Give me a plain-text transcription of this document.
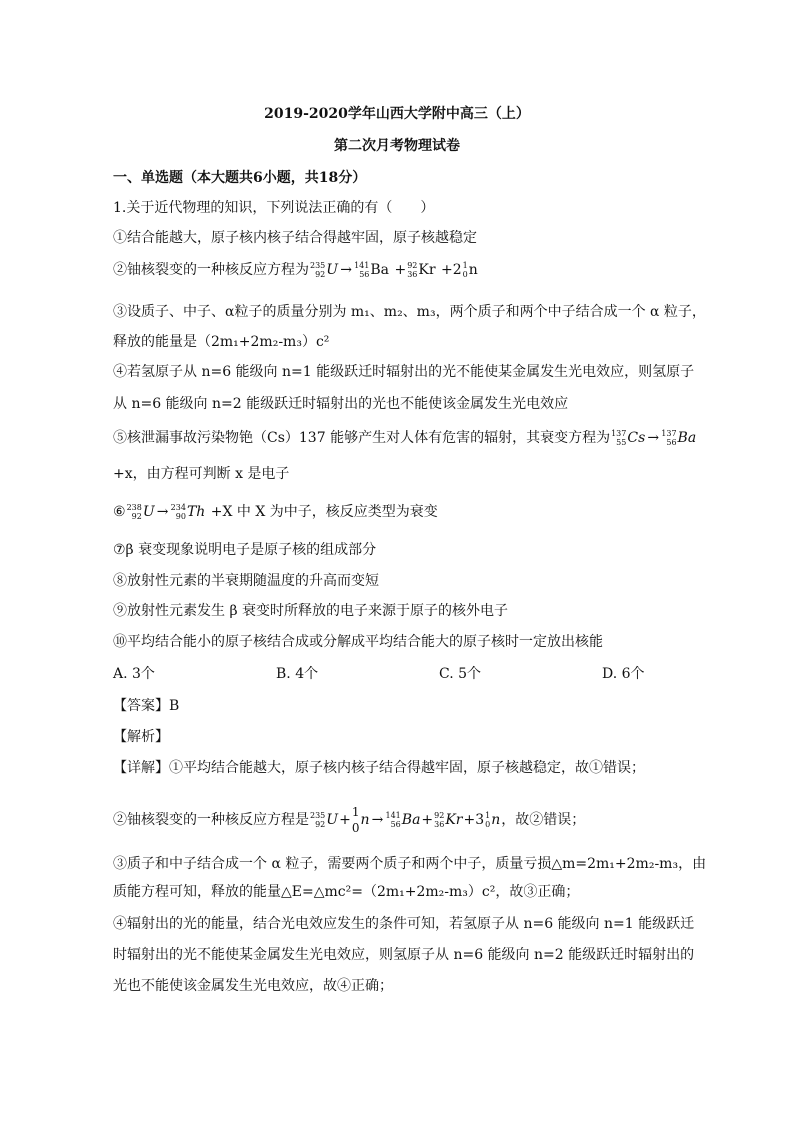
2019-2020学年山西大学附中高三（上）
第二次月考物理试卷
一、单选题（本大题共6小题，共18分）
1.关于近代物理的知识，下列说法正确的有（　　）
①结合能越大，原子核内核子结合得越牢固，原子核越稳定
②铀核裂变的一种核反应方程为 235
92 U → 141
56 Ba + 92
36 Kr +2 1
0 n
③设质子、中子、α粒子的质量分别为 m₁、m₂、m₃，两个质子和两个中子结合成一个 α 粒子，
释放的能量是（2m₁+2m₂-m₃）c²
④若氢原子从 n=6 能级向 n=1 能级跃迁时辐射出的光不能使某金属发生光电效应，则氢原子
从 n=6 能级向 n=2 能级跃迁时辐射出的光也不能使该金属发生光电效应
⑤核泄漏事故污染物铯（Cs）137 能够产生对人体有危害的辐射，其衰变方程为 137
55 Cs → 137
56 Ba
+x，由方程可判断 x 是电子
⑥ 238
92 U → 234
90 Th +X 中 X 为中子，核反应类型为衰变
⑦β 衰变现象说明电子是原子核的组成部分
⑧放射性元素的半衰期随温度的升高而变短
⑨放射性元素发生 β 衰变时所释放的电子来源于原子的核外电子
⑩平均结合能小的原子核结合成或分解成平均结合能大的原子核时一定放出核能
A. 3个	B. 4个	C. 5个	D. 6个
【答案】B
【解析】
【详解】①平均结合能越大，原子核内核子结合得越牢固，原子核越稳定，故①错误；
②铀核裂变的一种核反应方程是 235
92 U+ 1
0 n → 141
56 Ba+ 92
36 Kr+3 1
0 n，故②错误；
③质子和中子结合成一个 α 粒子，需要两个质子和两个中子，质量亏损△m=2m₁+2m₂-m₃，由
质能方程可知，释放的能量△E=△mc²=（2m₁+2m₂-m₃）c²，故③正确；
④辐射出的光的能量，结合光电效应发生的条件可知，若氢原子从 n=6 能级向 n=1 能级跃迁
时辐射出的光不能使某金属发生光电效应，则氢原子从 n=6 能级向 n=2 能级跃迁时辐射出的
光也不能使该金属发生光电效应，故④正确；
